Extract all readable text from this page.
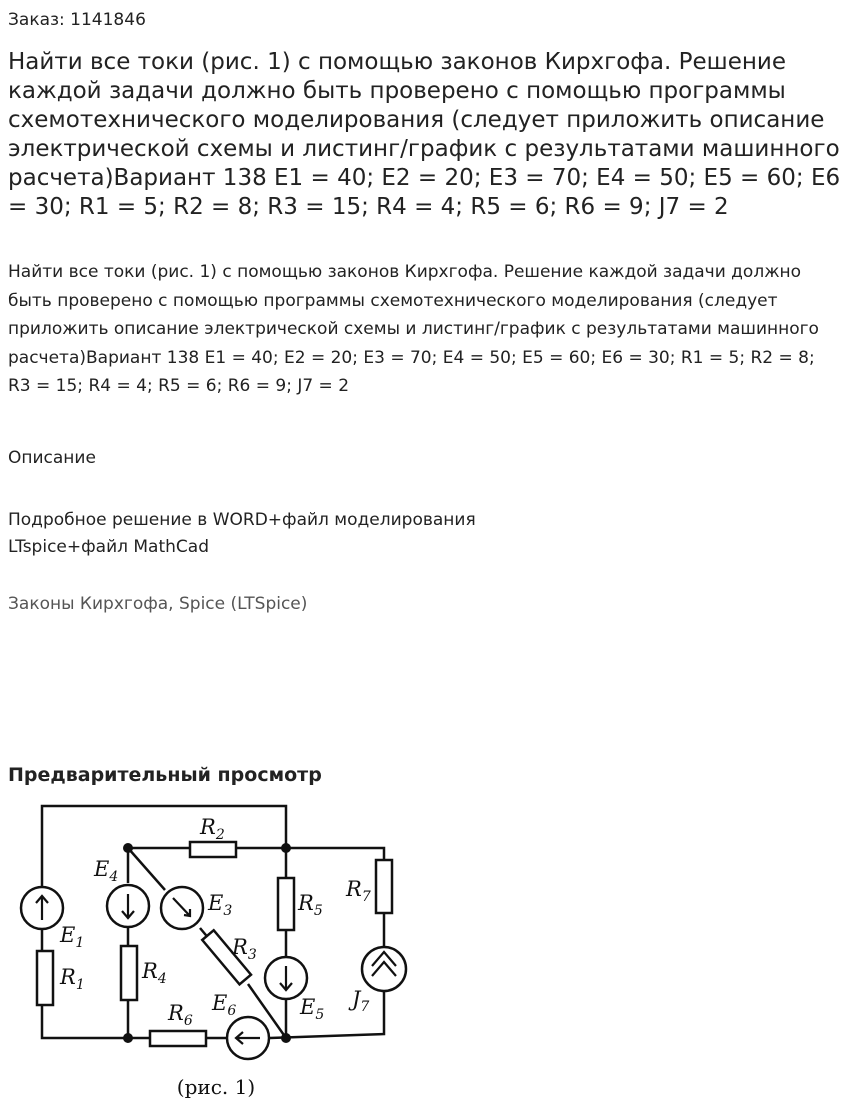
Заказ: 1141846
Найти все токи (рис. 1) с помощью законов Кирхгофа. Решение каждой задачи должно быть проверено с помощью программы схемотехнического моделирования (следует приложить описание электрической схемы и листинг/график с результатами машинного расчета)Вариант 138 E1 = 40; E2 = 20; E3 = 70; E4 = 50; E5 = 60; E6 = 30; R1 = 5; R2 = 8; R3 = 15; R4 = 4; R5 = 6; R6 = 9; J7 = 2
Найти все токи (рис. 1) с помощью законов Кирхгофа. Решение каждой задачи должно быть проверено с помощью программы схемотехнического моделирования (следует приложить описание электрической схемы и листинг/график с результатами машинного расчета)Вариант 138 E1 = 40; E2 = 20; E3 = 70; E4 = 50; E5 = 60; E6 = 30; R1 = 5; R2 = 8; R3 = 15; R4 = 4; R5 = 6; R6 = 9; J7 = 2
Описание
Подробное решение в WORD+файл моделирования
LTspice+файл MathCad
Законы Кирхгофа, Spice (LTSpice)
Предварительный просмотр
$R_2$
$E_4$
$E_3$	$R_5$
$R_7$
$E_1$	$R_3$
$R_1$
$R_4$
$R_6$
$E_6$	$E_5$
$J_7$
(рис. 1)
